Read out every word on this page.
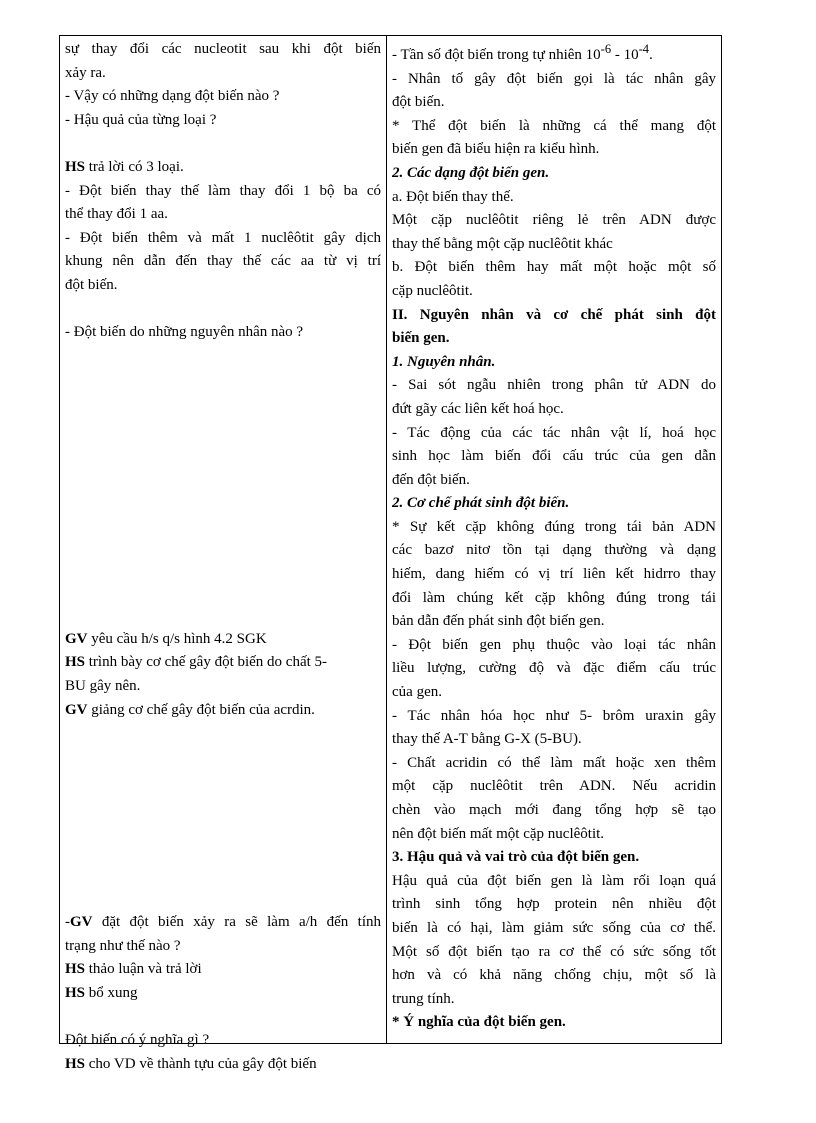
sự thay đổi các nucleotit sau khi đột biến
xảy ra.
- Vậy có những dạng đột biến nào ?
- Hậu quả của từng loại ?
HS trả lời có 3 loại.
- Đột biến thay thế làm thay đổi 1 bộ ba có
thể thay đổi 1 aa.
- Đột biến thêm và mất 1 nuclêôtit gây dịch
khung nên dẫn đến thay thế các aa từ vị trí
đột biến.
- Đột biến do những nguyên nhân nào ?
GV yêu cầu h/s q/s hình 4.2 SGK
HS trình bày cơ chế gây đột biến do chất 5-
BU gây nên.
GV giảng cơ chế gây đột biến của acrdin.
-GV đặt đột biến xảy ra sẽ làm a/h đến tính
trạng như thế nào ?
HS thảo luận và trả lời
HS bổ xung
Đột biến có ý nghĩa gì ?
HS cho VD về thành tựu của gây đột biến
- Tần số đột biến trong tự nhiên $10^{-6} - 10^{-4}$.
- Nhân tố gây đột biến gọi là tác nhân gây
đột biến.
* Thể đột biến là những cá thể mang đột
biến gen đã biểu hiện ra kiểu hình.
2. Các dạng đột biến gen.
a. Đột biến thay thế.
Một cặp nuclêôtit riêng lẻ trên ADN được
thay thế bằng một cặp nuclêôtit khác
b. Đột biến thêm hay mất một hoặc một số
cặp nuclêôtit.
II. Nguyên nhân và cơ chế phát sinh đột
biến gen.
1. Nguyên nhân.
- Sai sót ngẫu nhiên trong phân tử ADN do
đứt gãy các liên kết hoá học.
- Tác động của các tác nhân vật lí, hoá học
sinh học làm biến đổi cấu trúc của gen dẫn
đến đột biến.
2. Cơ chế phát sinh đột biến.
* Sự kết cặp không đúng trong tái bản ADN
các bazơ nitơ tồn tại dạng thường và dạng
hiếm, dang hiếm có vị trí liên kết hidrro thay
đổi làm chúng kết cặp không đúng trong tái
bản dẫn đến phát sinh đột biến gen.
- Đột biến gen phụ thuộc vào loại tác nhân
liều lượng, cường độ và đặc điểm cấu trúc
của gen.
- Tác nhân hóa học như 5- brôm uraxin gây
thay thế A-T bằng G-X (5-BU).
- Chất acridin có thể làm mất hoặc xen thêm
một cặp nuclêôtit trên ADN. Nếu acridin
chèn vào mạch mới đang tổng hợp sẽ tạo
nên đột biến mất một cặp nuclêôtit.
3. Hậu quả và vai trò của đột biến gen.
Hậu quả của đột biến gen là làm rối loạn quá
trình sinh tổng hợp protein nên nhiều đột
biến là có hại, làm giảm sức sống của cơ thể.
Một số đột biến tạo ra cơ thể có sức sống tốt
hơn và có khả năng chống chịu, một số là
trung tính.
* Ý nghĩa của đột biến gen.
